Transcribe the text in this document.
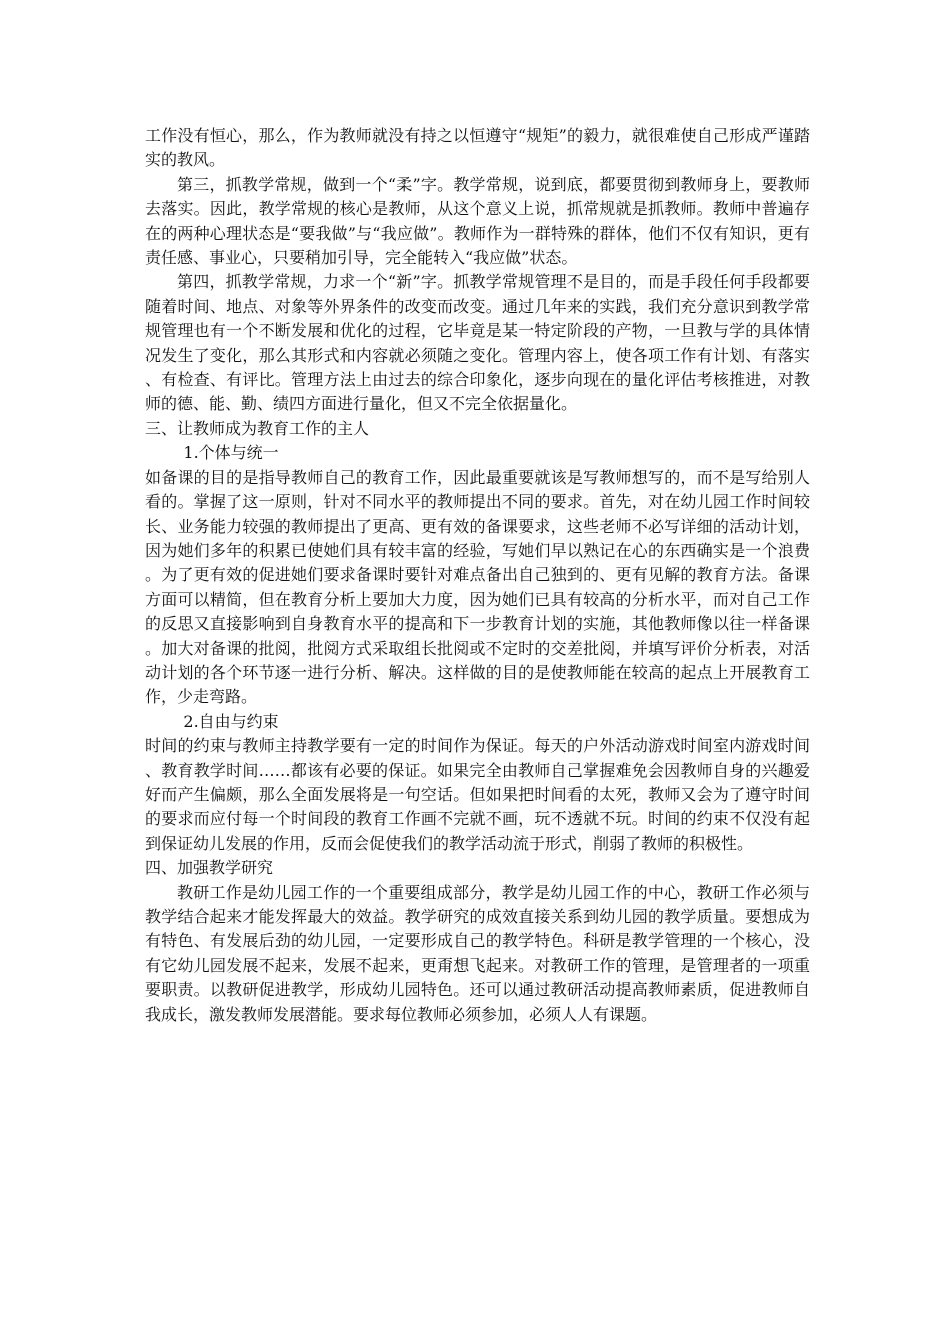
工作没有恒心，那么，作为教师就没有持之以恒遵守“规矩”的毅力，就很难使自己形成严谨踏实的教风。

第三，抓教学常规，做到一个“柔”字。教学常规，说到底，都要贯彻到教师身上，要教师去落实。因此，教学常规的核心是教师，从这个意义上说，抓常规就是抓教师。教师中普遍存在的两种心理状态是“要我做”与“我应做”。教师作为一群特殊的群体，他们不仅有知识，更有责任感、事业心，只要稍加引导，完全能转入“我应做”状态。

第四，抓教学常规，力求一个“新”字。抓教学常规管理不是目的，而是手段任何手段都要随着时间、地点、对象等外界条件的改变而改变。通过几年来的实践，我们充分意识到教学常规管理也有一个不断发展和优化的过程，它毕竟是某一特定阶段的产物，一旦教与学的具体情况发生了变化，那么其形式和内容就必须随之变化。管理内容上，使各项工作有计划、有落实、有检查、有评比。管理方法上由过去的综合印象化，逐步向现在的量化评估考核推进，对教师的德、能、勤、绩四方面进行量化，但又不完全依据量化。

三、让教师成为教育工作的主人

1.个体与统一

如备课的目的是指导教师自己的教育工作，因此最重要就该是写教师想写的，而不是写给别人看的。掌握了这一原则，针对不同水平的教师提出不同的要求。首先，对在幼儿园工作时间较长、业务能力较强的教师提出了更高、更有效的备课要求，这些老师不必写详细的活动计划，因为她们多年的积累已使她们具有较丰富的经验，写她们早以熟记在心的东西确实是一个浪费。为了更有效的促进她们要求备课时要针对难点备出自己独到的、更有见解的教育方法。备课方面可以精简，但在教育分析上要加大力度，因为她们已具有较高的分析水平，而对自己工作的反思又直接影响到自身教育水平的提高和下一步教育计划的实施，其他教师像以往一样备课。加大对备课的批阅，批阅方式采取组长批阅或不定时的交差批阅，并填写评价分析表，对活动计划的各个环节逐一进行分析、解决。这样做的目的是使教师能在较高的起点上开展教育工作，少走弯路。

2.自由与约束

时间的约束与教师主持教学要有一定的时间作为保证。每天的户外活动游戏时间室内游戏时间、教育教学时间……都该有必要的保证。如果完全由教师自己掌握难免会因教师自身的兴趣爱好而产生偏颇，那么全面发展将是一句空话。但如果把时间看的太死，教师又会为了遵守时间的要求而应付每一个时间段的教育工作画不完就不画，玩不透就不玩。时间的约束不仅没有起到保证幼儿发展的作用，反而会促使我们的教学活动流于形式，削弱了教师的积极性。

四、加强教学研究

教研工作是幼儿园工作的一个重要组成部分，教学是幼儿园工作的中心，教研工作必须与教学结合起来才能发挥最大的效益。教学研究的成效直接关系到幼儿园的教学质量。要想成为有特色、有发展后劲的幼儿园，一定要形成自己的教学特色。科研是教学管理的一个核心，没有它幼儿园发展不起来，发展不起来，更甭想飞起来。对教研工作的管理，是管理者的一项重要职责。以教研促进教学，形成幼儿园特色。还可以通过教研活动提高教师素质，促进教师自我成长，激发教师发展潜能。要求每位教师必须参加，必须人人有课题。
